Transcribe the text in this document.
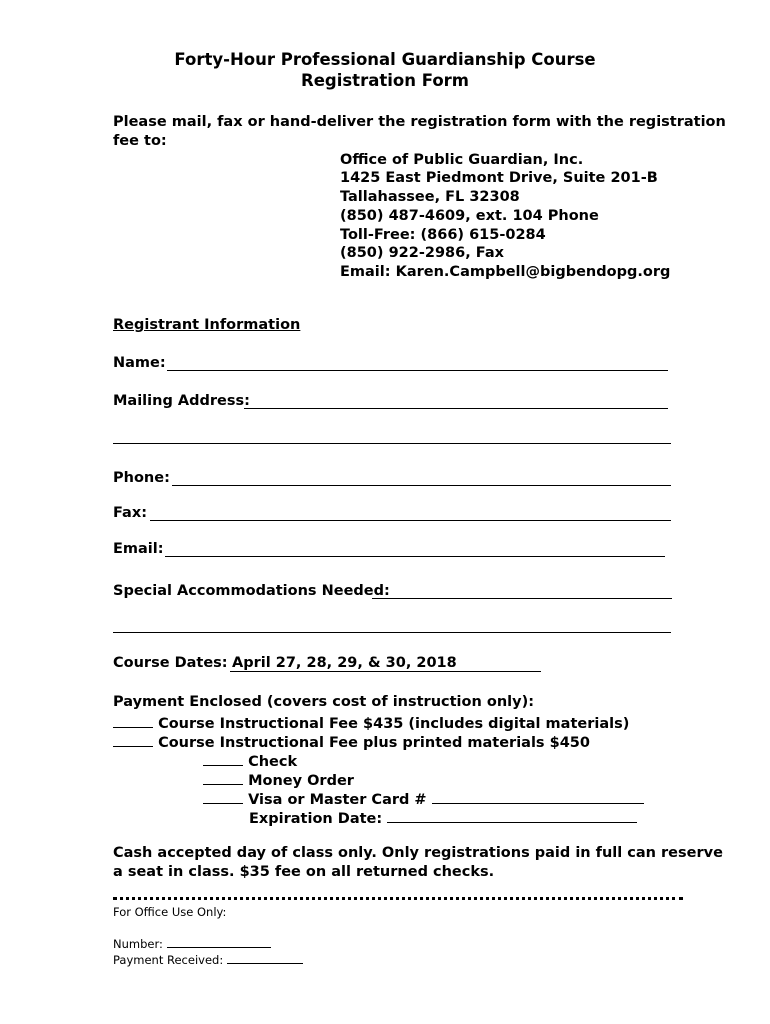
Forty-Hour Professional Guardianship Course
Registration Form
Please mail, fax or hand-deliver the registration form with the registration
fee to:
Office of Public Guardian, Inc.
1425 East Piedmont Drive, Suite 201-B
Tallahassee, FL 32308
(850) 487-4609, ext. 104 Phone
Toll-Free: (866) 615-0284
(850) 922-2986, Fax
Email: Karen.Campbell@bigbendopg.org
Registrant Information
Name:
Mailing Address:
Phone:
Fax:
Email:
Special Accommodations Needed:
Course Dates: April 27, 28, 29, & 30, 2018
Payment Enclosed (covers cost of instruction only):
Course Instructional Fee $435 (includes digital materials)
Course Instructional Fee plus printed materials $450
Check
Money Order
Visa or Master Card #
Expiration Date:
Cash accepted day of class only. Only registrations paid in full can reserve
a seat in class. $35 fee on all returned checks.
For Office Use Only:
Number:
Payment Received:
